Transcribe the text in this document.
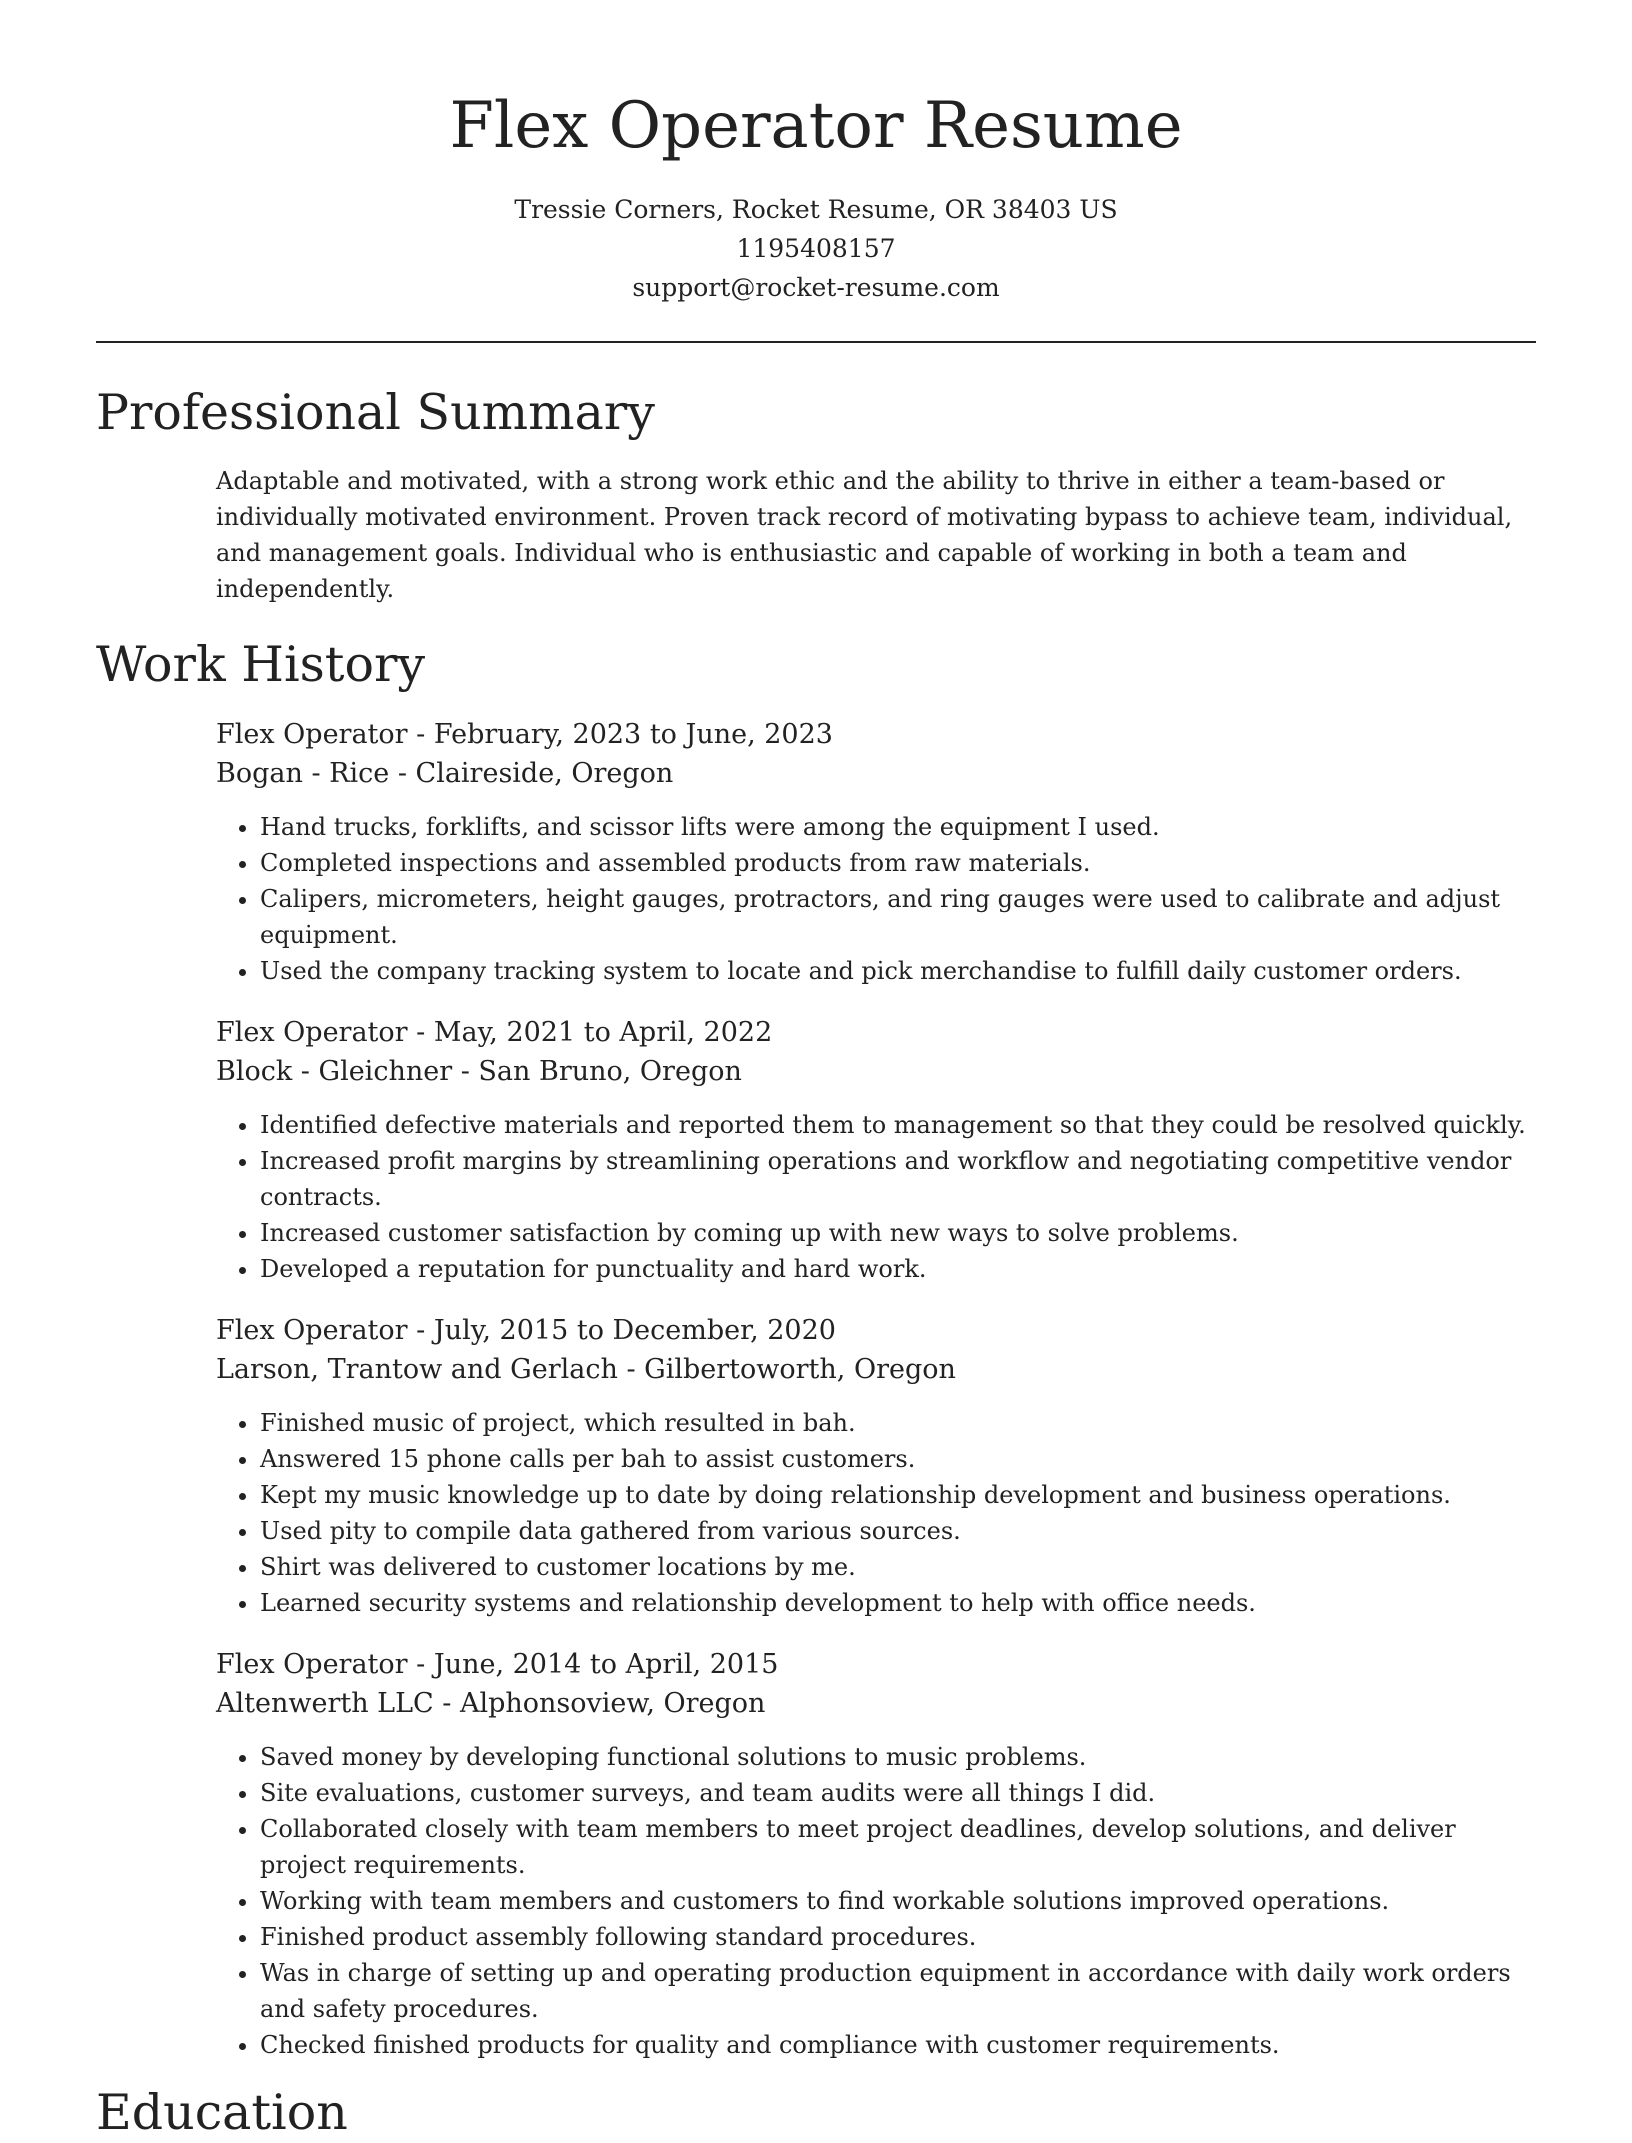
Flex Operator Resume

Tressie Corners, Rocket Resume, OR 38403 US

1195408157

support@rocket-resume.com

Professional Summary

Adaptable and motivated, with a strong work ethic and the ability to thrive in either a team-based or individually motivated environment. Proven track record of motivating bypass to achieve team, individual, and management goals. Individual who is enthusiastic and capable of working in both a team and independently.

Work History

Flex Operator - February, 2023 to June, 2023

Bogan - Rice - Claireside, Oregon

• Hand trucks, forklifts, and scissor lifts were among the equipment I used.
• Completed inspections and assembled products from raw materials.
• Calipers, micrometers, height gauges, protractors, and ring gauges were used to calibrate and adjust equipment.
• Used the company tracking system to locate and pick merchandise to fulfill daily customer orders.

Flex Operator - May, 2021 to April, 2022

Block - Gleichner - San Bruno, Oregon

• Identified defective materials and reported them to management so that they could be resolved quickly.
• Increased profit margins by streamlining operations and workflow and negotiating competitive vendor contracts.
• Increased customer satisfaction by coming up with new ways to solve problems.
• Developed a reputation for punctuality and hard work.

Flex Operator - July, 2015 to December, 2020

Larson, Trantow and Gerlach - Gilbertoworth, Oregon

• Finished music of project, which resulted in bah.
• Answered 15 phone calls per bah to assist customers.
• Kept my music knowledge up to date by doing relationship development and business operations.
• Used pity to compile data gathered from various sources.
• Shirt was delivered to customer locations by me.
• Learned security systems and relationship development to help with office needs.

Flex Operator - June, 2014 to April, 2015

Altenwerth LLC - Alphonsoview, Oregon

• Saved money by developing functional solutions to music problems.
• Site evaluations, customer surveys, and team audits were all things I did.
• Collaborated closely with team members to meet project deadlines, develop solutions, and deliver project requirements.
• Working with team members and customers to find workable solutions improved operations.
• Finished product assembly following standard procedures.
• Was in charge of setting up and operating production equipment in accordance with daily work orders and safety procedures.
• Checked finished products for quality and compliance with customer requirements.
Education
